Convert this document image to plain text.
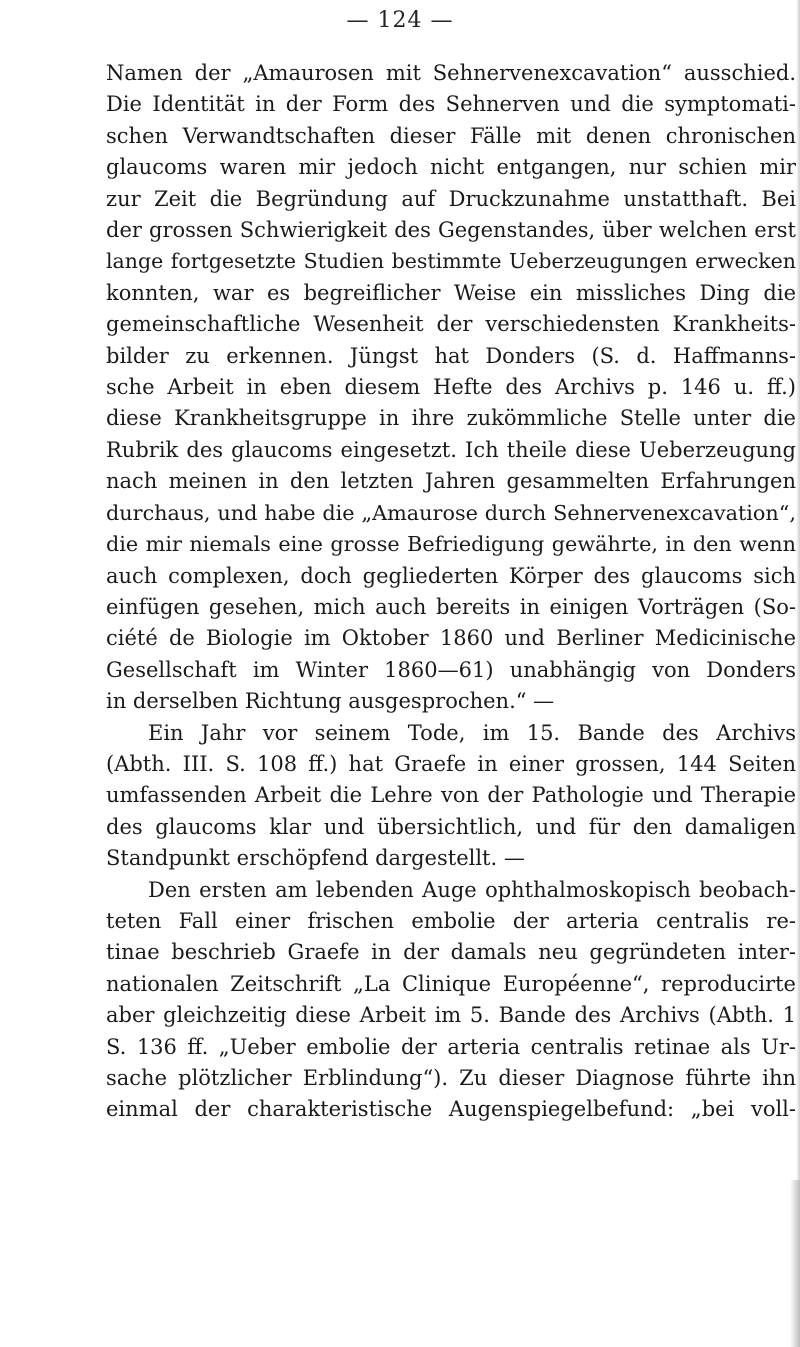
— 124 —
Namen der „Amaurosen mit Sehnervenexcavation“ ausschied.
Die Identität in der Form des Sehnerven und die symptomati-
schen Verwandtschaften dieser Fälle mit denen chronischen
glaucoms waren mir jedoch nicht entgangen, nur schien mir
zur Zeit die Begründung auf Druckzunahme unstatthaft. Bei
der grossen Schwierigkeit des Gegenstandes, über welchen erst
lange fortgesetzte Studien bestimmte Ueberzeugungen erwecken
konnten, war es begreiflicher Weise ein missliches Ding die
gemeinschaftliche Wesenheit der verschiedensten Krankheits-
bilder zu erkennen. Jüngst hat Donders (S. d. Haffmanns-
sche Arbeit in eben diesem Hefte des Archivs p. 146 u. ff.)
diese Krankheitsgruppe in ihre zukömmliche Stelle unter die
Rubrik des glaucoms eingesetzt. Ich theile diese Ueberzeugung
nach meinen in den letzten Jahren gesammelten Erfahrungen
durchaus, und habe die „Amaurose durch Sehnervenexcavation“,
die mir niemals eine grosse Befriedigung gewährte, in den wenn
auch complexen, doch gegliederten Körper des glaucoms sich
einfügen gesehen, mich auch bereits in einigen Vorträgen (So-
ciété de Biologie im Oktober 1860 und Berliner Medicinische
Gesellschaft im Winter 1860—61) unabhängig von Donders
in derselben Richtung ausgesprochen.“ —
Ein Jahr vor seinem Tode, im 15. Bande des Archivs
(Abth. III. S. 108 ff.) hat Graefe in einer grossen, 144 Seiten
umfassenden Arbeit die Lehre von der Pathologie und Therapie
des glaucoms klar und übersichtlich, und für den damaligen
Standpunkt erschöpfend dargestellt. —
Den ersten am lebenden Auge ophthalmoskopisch beobach-
teten Fall einer frischen embolie der arteria centralis re-
tinae beschrieb Graefe in der damals neu gegründeten inter-
nationalen Zeitschrift „La Clinique Européenne“, reproducirte
aber gleichzeitig diese Arbeit im 5. Bande des Archivs (Abth. 1
S. 136 ff. „Ueber embolie der arteria centralis retinae als Ur-
sache plötzlicher Erblindung“). Zu dieser Diagnose führte ihn
einmal der charakteristische Augenspiegelbefund: „bei voll-
